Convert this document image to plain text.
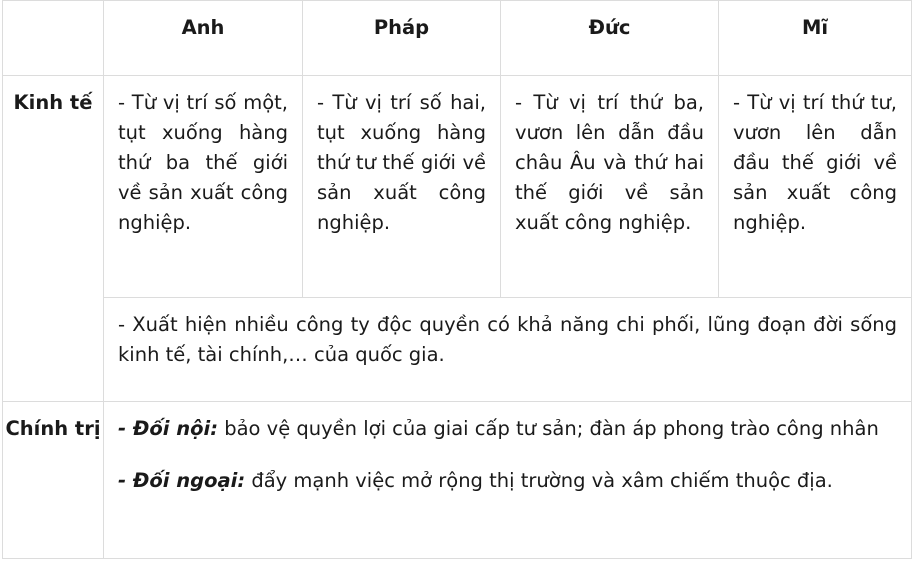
	Anh	Pháp	Đức	Mĩ
Kinh tế	- Từ vị trí số một, tụt xuống hàng thứ ba thế giới về sản xuất công nghiệp.	- Từ vị trí số hai, tụt xuống hàng thứ tư thế giới về sản xuất công nghiệp.	- Từ vị trí thứ ba, vươn lên dẫn đầu châu Âu và thứ hai thế giới về sản xuất công nghiệp.	- Từ vị trí thứ tư, vươn lên dẫn đầu thế giới về sản xuất công nghiệp.
	- Xuất hiện nhiều công ty độc quyền có khả năng chi phối, lũng đoạn đời sống kinh tế, tài chính,… của quốc gia.			
Chính trị	- Đối nội: bảo vệ quyền lợi của giai cấp tư sản; đàn áp phong trào công nhân

- Đối ngoại: đẩy mạnh việc mở rộng thị trường và xâm chiếm thuộc địa.			
